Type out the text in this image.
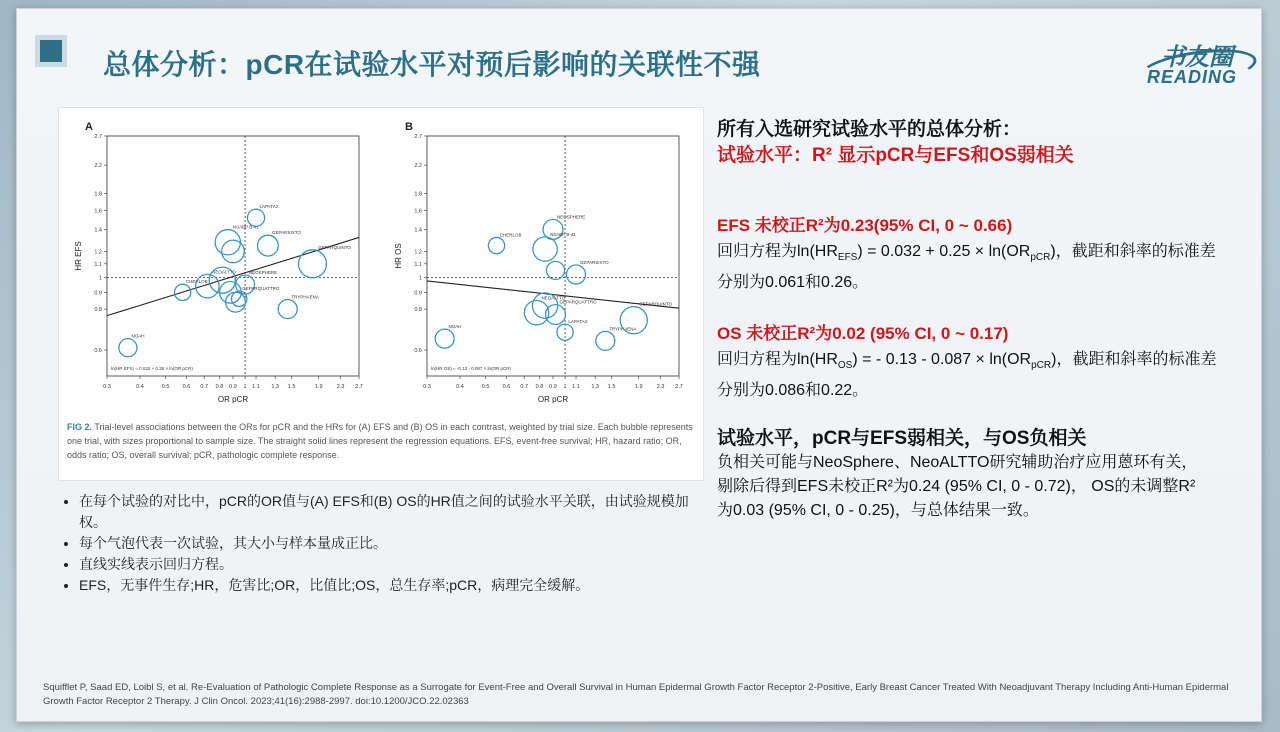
总体分析：pCR在试验水平对预后影响的关联性不强	书友圈
READING
A
0.3	0.4	0.5 0.6 0.7 0.8 0.9 1 1.1 1.3 1.5	1.9	2.3 2.7
0.6
0.8
0.9
1
1.1
1.2
1.4
1.6
1.8
2.2
2.7
OR pCR
HR EFS
ln(HR EFS) = 0.032 + 0.25 × ln(OR pCR)
NOAH
CHERLOB
NEOALTTO
NSABP B-41
NEOSPHERE
LAPATAX
GEPARSIXTO
GEPARQUATTRO
TRYPHAENA
GEPARQUINTO
B
0.3	0.4	0.5 0.6 0.7 0.8 0.9 1 1.1 1.3 1.5	1.9	2.3 2.7
0.6
0.8
0.9
1
1.1
1.2
1.4
1.6
1.8
2.2
2.7
OR pCR
HR OS
ln(HR OS) = -0.13 - 0.087 × ln(OR pCR)
NOAH
CHERLOB
NEOSPHERE
NSABP B-41
GEPARSIXTO
NEOALTTO
GEPARQUATTRO
LAPATAX
TRYPHAENA
GEPARQUINTO
FIG 2. Trial-level associations between the ORs for pCR and the HRs for (A) EFS and (B) OS in each contrast, weighted by trial size. Each bubble represents one trial, with sizes proportional to sample size. The straight solid lines represent the regression equations. EFS, event-free survival; HR, hazard ratio; OR, odds ratio; OS, overall survival; pCR, pathologic complete response.
• 在每个试验的对比中，pCR的OR值与(A) EFS和(B) OS的HR值之间的试验水平关联，由试验规模加权。
• 每个气泡代表一次试验，其大小与样本量成正比。
• 直线实线表示回归方程。
• EFS，无事件生存;HR，危害比;OR，比值比;OS，总生存率;pCR，病理完全缓解。
所有入选研究试验水平的总体分析：
试验水平：R² 显示pCR与EFS和OS弱相关
EFS 未校正R²为0.23(95% CI, 0 ~ 0.66)
回归方程为$\ln(HR_{EFS}) = 0.032 + 0.25 \times \ln(OR_{pCR})$，截距和斜率的标准差分别为0.061和0.26。
OS 未校正R²为0.02 (95% CI, 0 ~ 0.17)
回归方程为$\ln(HR_{OS})$ = - $0.13 - 0.087 \times \ln(OR_{pCR})$，截距和斜率的标准差分别为0.086和0.22。
试验水平，pCR与EFS弱相关，与OS负相关
负相关可能与NeoSphere、NeoALTTO研究辅助治疗应用蒽环有关，剔除后得到EFS未校正R²为0.24 (95% CI, 0 - 0.72)， OS的未调整R²为0.03 (95% CI, 0 - 0.25)，与总体结果一致。
Squifflet P, Saad ED, Loibl S, et al. Re-Evaluation of Pathologic Complete Response as a Surrogate for Event-Free and Overall Survival in Human Epidermal Growth Factor Receptor 2-Positive, Early Breast Cancer Treated With Neoadjuvant Therapy Including Anti-Human Epidermal Growth Factor Receptor 2 Therapy. J Clin Oncol. 2023;41(16):2988-2997. doi:10.1200/JCO.22.02363
